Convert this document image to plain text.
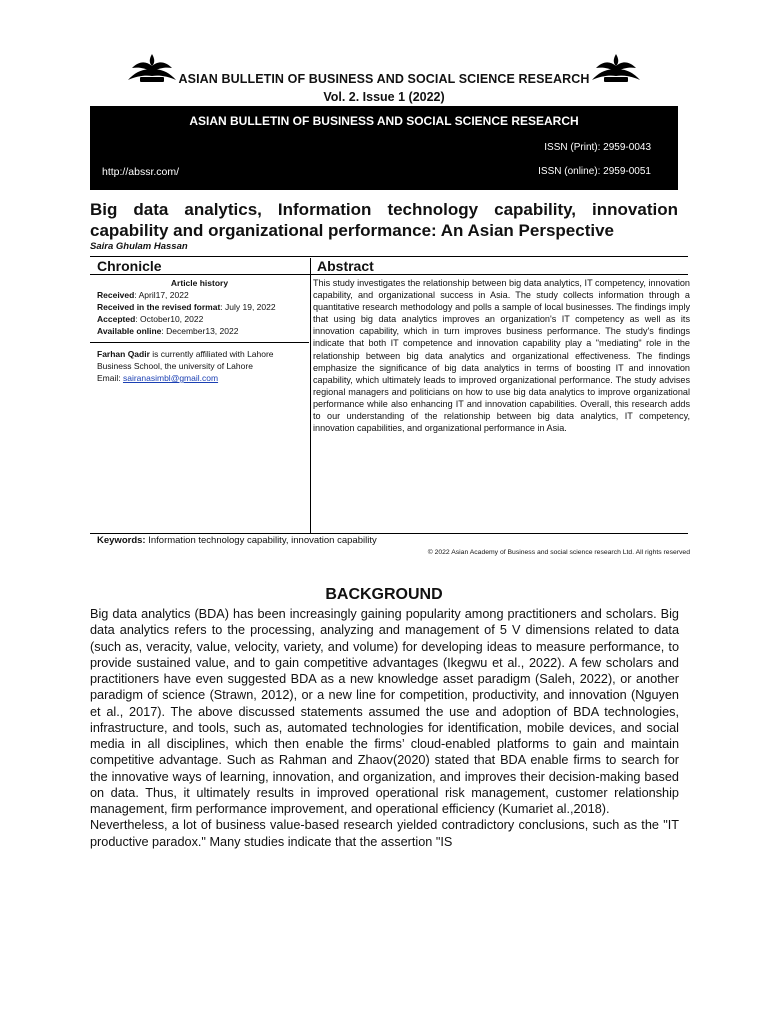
ASIAN BULLETIN OF BUSINESS AND SOCIAL SCIENCE RESEARCH
Vol. 2. Issue 1 (2022)
ASIAN BULLETIN OF BUSINESS AND SOCIAL SCIENCE RESEARCH
ISSN (Print): 2959-0043
ISSN (online): 2959-0051
http://abssr.com/
Big data analytics, Information technology capability, innovation capability and organizational performance: An Asian Perspective
Saira Ghulam Hassan
Chronicle	Abstract
Article history
Received: April17, 2022
Received in the revised format: July 19, 2022
Accepted: October10, 2022
Available online: December13, 2022
Farhan Qadir is currently affiliated with Lahore Business School, the university of Lahore
Email: sairanasimbl@gmail.com
This study investigates the relationship between big data analytics, IT competency, innovation capability, and organizational success in Asia. The study collects information through a quantitative research methodology and polls a sample of local businesses. The findings imply that using big data analytics improves an organization's IT competency as well as its innovation capability, which in turn improves business performance. The study's findings indicate that both IT competence and innovation capability play a "mediating" role in the relationship between big data analytics and organizational effectiveness. The findings emphasize the significance of big data analytics in terms of boosting IT and innovation capability, which ultimately leads to improved organizational performance. The study advises regional managers and politicians on how to use big data analytics to improve organizational performance while also enhancing IT and innovation capabilities. Overall, this research adds to our understanding of the relationship between big data analytics, IT competency, innovation capabilities, and organizational performance in Asia.
Keywords: Information technology capability, innovation capability
© 2022 Asian Academy of Business and social science research Ltd. All rights reserved
BACKGROUND

Big data analytics (BDA) has been increasingly gaining popularity among practitioners and scholars. Big data analytics refers to the processing, analyzing and management of 5 V dimensions related to data (such as, veracity, value, velocity, variety, and volume) for developing ideas to measure performance, to provide sustained value, and to gain competitive advantages (Ikegwu et al., 2022). A few scholars and practitioners have even suggested BDA as a new knowledge asset paradigm (Saleh, 2022), or another paradigm of science (Strawn, 2012), or a new line for competition, productivity, and innovation (Nguyen et al., 2017). The above discussed statements assumed the use and adoption of BDA technologies, infrastructure, and tools, such as, automated technologies for identification, mobile devices, and social media in all disciplines, which then enable the firms’ cloud-enabled platforms to gain and maintain competitive advantage. Such as Rahman and Zhaov(2020) stated that BDA enable firms to search for the innovative ways of learning, innovation, and organization, and improves their decision-making based on data. Thus, it ultimately results in improved operational risk management, customer relationship management, firm performance improvement, and operational efficiency (Kumariet al.,2018).

Nevertheless, a lot of business value-based research yielded contradictory conclusions, such as the "IT productive paradox." Many studies indicate that the assertion "IS
